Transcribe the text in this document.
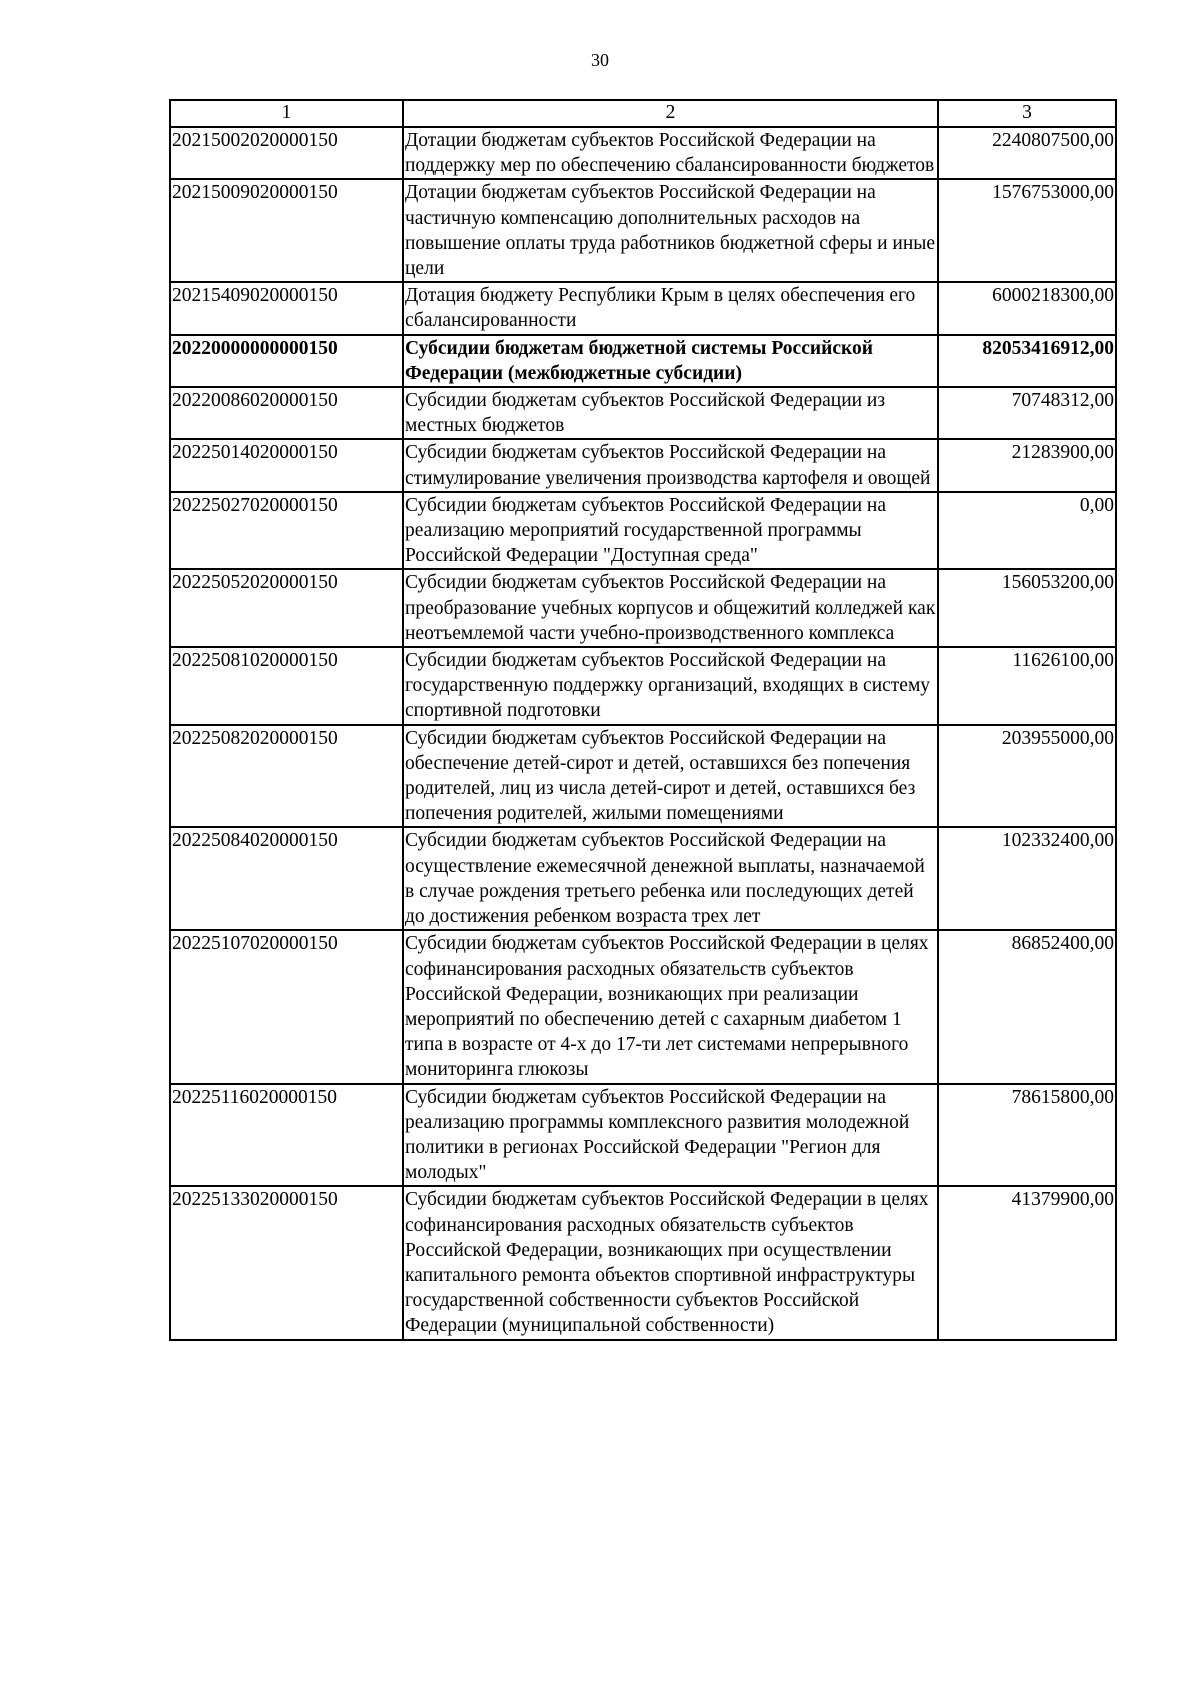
30
1	2	3
20215002020000150	Дотации бюджетам субъектов Российской Федерации на поддержку мер по обеспечению сбалансированности бюджетов	2240807500,00
20215009020000150	Дотации бюджетам субъектов Российской Федерации на частичную компенсацию дополнительных расходов на повышение оплаты труда работников бюджетной сферы и иные цели	1576753000,00
20215409020000150	Дотация бюджету Республики Крым в целях обеспечения его сбалансированности	6000218300,00
20220000000000150	Субсидии бюджетам бюджетной системы Российской Федерации (межбюджетные субсидии)	82053416912,00
20220086020000150	Субсидии бюджетам субъектов Российской Федерации из местных бюджетов	70748312,00
20225014020000150	Субсидии бюджетам субъектов Российской Федерации на стимулирование увеличения производства картофеля и овощей	21283900,00
20225027020000150	Субсидии бюджетам субъектов Российской Федерации на реализацию мероприятий государственной программы Российской Федерации "Доступная среда"	0,00
20225052020000150	Субсидии бюджетам субъектов Российской Федерации на преобразование учебных корпусов и общежитий колледжей как неотъемлемой части учебно-производственного комплекса	156053200,00
20225081020000150	Субсидии бюджетам субъектов Российской Федерации на государственную поддержку организаций, входящих в систему спортивной подготовки	11626100,00
20225082020000150	Субсидии бюджетам субъектов Российской Федерации на обеспечение детей-сирот и детей, оставшихся без попечения родителей, лиц из числа детей-сирот и детей, оставшихся без попечения родителей, жилыми помещениями	203955000,00
20225084020000150	Субсидии бюджетам субъектов Российской Федерации на осуществление ежемесячной денежной выплаты, назначаемой в случае рождения третьего ребенка или последующих детей до достижения ребенком возраста трех лет	102332400,00
20225107020000150	Субсидии бюджетам субъектов Российской Федерации в целях софинансирования расходных обязательств субъектов Российской Федерации, возникающих при реализации мероприятий по обеспечению детей с сахарным диабетом 1 типа в возрасте от 4-х до 17-ти лет системами непрерывного мониторинга глюкозы	86852400,00
20225116020000150	Субсидии бюджетам субъектов Российской Федерации на реализацию программы комплексного развития молодежной политики в регионах Российской Федерации "Регион для молодых"	78615800,00
20225133020000150	Субсидии бюджетам субъектов Российской Федерации в целях софинансирования расходных обязательств субъектов Российской Федерации, возникающих при осуществлении капитального ремонта объектов спортивной инфраструктуры государственной собственности субъектов Российской Федерации (муниципальной собственности)	41379900,00
